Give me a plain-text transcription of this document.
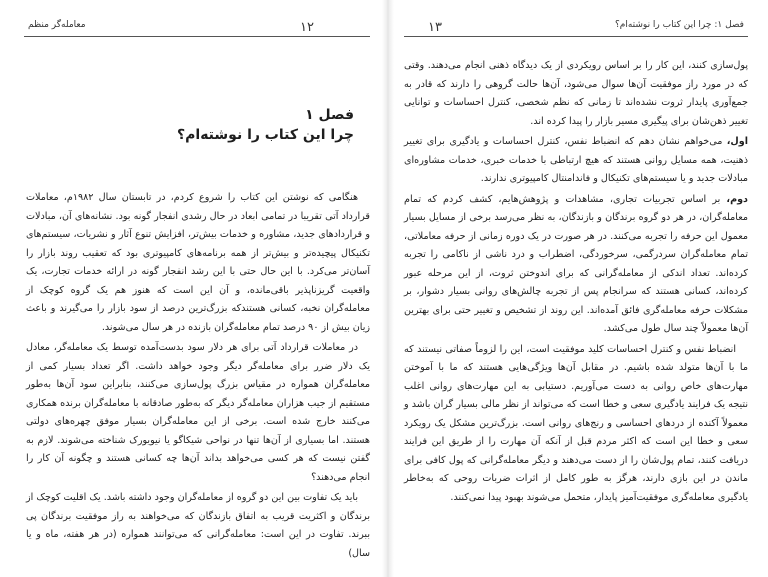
معامله‌گر منظم	۱۲
فصل ۱
چرا این کتاب را نوشته‌ام؟

هنگامی که نوشتن این کتاب را شروع کردم، در تابستان سال ۱۹۸۲م، معاملات قرارداد آتی تقریبا در تمامی ابعاد در حال رشدی انفجار گونه بود. نشانه‌های آن، مبادلات و قراردادهای جدید، مشاوره و خدمات بیش‌تر، افزایش تنوع آثار و نشریات، سیستم‌های تکنیکال پیچیده‌تر و بیش‌تر از همه برنامه‌های کامپیوتری بود که تعقیب روند بازار را آسان‌تر می‌کرد. با این حال حتی با این رشد انفجار گونه در ارائه خدمات تجارت، یک واقعیت گریزناپذیر باقی‌مانده، و آن این است که هنوز هم یک گروه کوچک از معامله‌گران نخبه، کسانی هستندکه بزرگ‌ترین درصد از سود بازار را می‌گیرند و باعث زیان بیش از ۹۰ درصد تمام معامله‌گران بازنده در هر سال می‌شوند.

در معاملات قرارداد آتی برای هر دلار سود بدست‌آمده توسط یک معامله‌گر، معادل یک دلار ضرر برای معامله‌گر دیگر وجود خواهد داشت. اگر تعداد بسیار کمی از معامله‌گران همواره در مقیاس بزرگ پول‌سازی می‌کنند، بنابراین سود آن‌ها به‌طور مستقیم از جیب هزاران معامله‌گر دیگر که به‌طور صادقانه با معامله‌گران برنده همکاری می‌کنند خارج شده است. برخی از این معامله‌گران بسیار موفق چهره‌های دولتی هستند. اما بسیاری از آن‌ها تنها در نواحی شیکاگو یا نیویورک شناخته می‌شوند. لازم به گفتن نیست که هر کسی می‌خواهد بداند آن‌ها چه کسانی هستند و چگونه آن کار را انجام می‌دهند؟

باید یک تفاوت بین این دو گروه از معامله‌گران وجود داشته باشد. یک اقلیت کوچک از برندگان و اکثریت قریب به اتفاق بازندگان که می‌خواهند به راز موفقیت برندگان پی ببرند. تفاوت در این است: معامله‌گرانی که می‌توانند همواره (در هر هفته، ماه و یا سال)

فصل ۱: چرا این کتاب را نوشته‌ام؟
۱۳

پول‌سازی کنند، این کار را بر اساس رویکردی از یک دیدگاه ذهنی انجام می‌دهند. وقتی که در مورد راز موفقیت آن‌ها سوال می‌شود، آن‌ها حالت گروهی را دارند که قادر به جمع‌آوری پایدار ثروت نشده‌اند تا زمانی که نظم شخصی، کنترل احساسات و توانایی تغییر ذهن‌شان برای پیگیری مسیر بازار را پیدا کرده اند.

اول، می‌خواهم نشان دهم که انضباط نفس، کنترل احساسات و یادگیری برای تغییر ذهنیت، همه مسایل روانی هستند که هیچ ارتباطی با خدمات خبری، خدمات مشاوره‌ای مبادلات جدید و یا سیستم‌های تکنیکال و فاندامنتال کامپیوتری ندارند.

دوم، بر اساس تجربیات تجاری، مشاهدات و پژوهش‌هایم، کشف کردم که تمام معامله‌گران، در هر دو گروه برندگان و بازندگان، به نظر می‌رسد برخی از مسایل بسیار معمول این حرفه را تجربه می‌کنند. در هر صورت در یک دوره زمانی از حرفه معاملاتی، تمام معامله‌گران سردرگمی، سرخوردگی، اضطراب و درد ناشی از ناکامی را تجربه کرده‌اند. تعداد اندکی از معامله‌گرانی که برای اندوختن ثروت، از این مرحله عبور کرده‌اند، کسانی هستند که سرانجام پس از تجربه چالش‌های روانی بسیار دشوار، بر مشکلات حرفه معامله‌گری فائق آمده‌اند. این روند از تشخیص و تغییر حتی برای بهترین آن‌ها معمولاً چند سال طول می‌کشد.

انضباط نفس و کنترل احساسات کلید موفقیت است، این را لزوماً صفاتی نیستند که ما با آن‌ها متولد شده باشیم. در مقابل آن‌ها ویژگی‌هایی هستند که ما با آموختن مهارت‌های خاص روانی به دست می‌آوریم. دستیابی به این مهارت‌های روانی اغلب نتیجه یک فرایند یادگیری سعی و خطا است که می‌تواند از نظر مالی بسیار گران باشد و معمولاً آکنده از دردهای احساسی و رنج‌های روانی است. بزرگ‌ترین مشکل یک رویکرد سعی و خطا این است که اکثر مردم قبل از آنکه آن مهارت را از طریق این فرایند دریافت کنند، تمام پول‌شان را از دست می‌دهند و دیگر معامله‌گرانی که پول کافی برای ماندن در این بازی دارند، هرگز به طور کامل از اثرات ضربات روحی که به‌خاطر یادگیری معامله‌گری موفقیت‌آمیز پایدار، متحمل می‌شوند بهبود پیدا نمی‌کنند.
